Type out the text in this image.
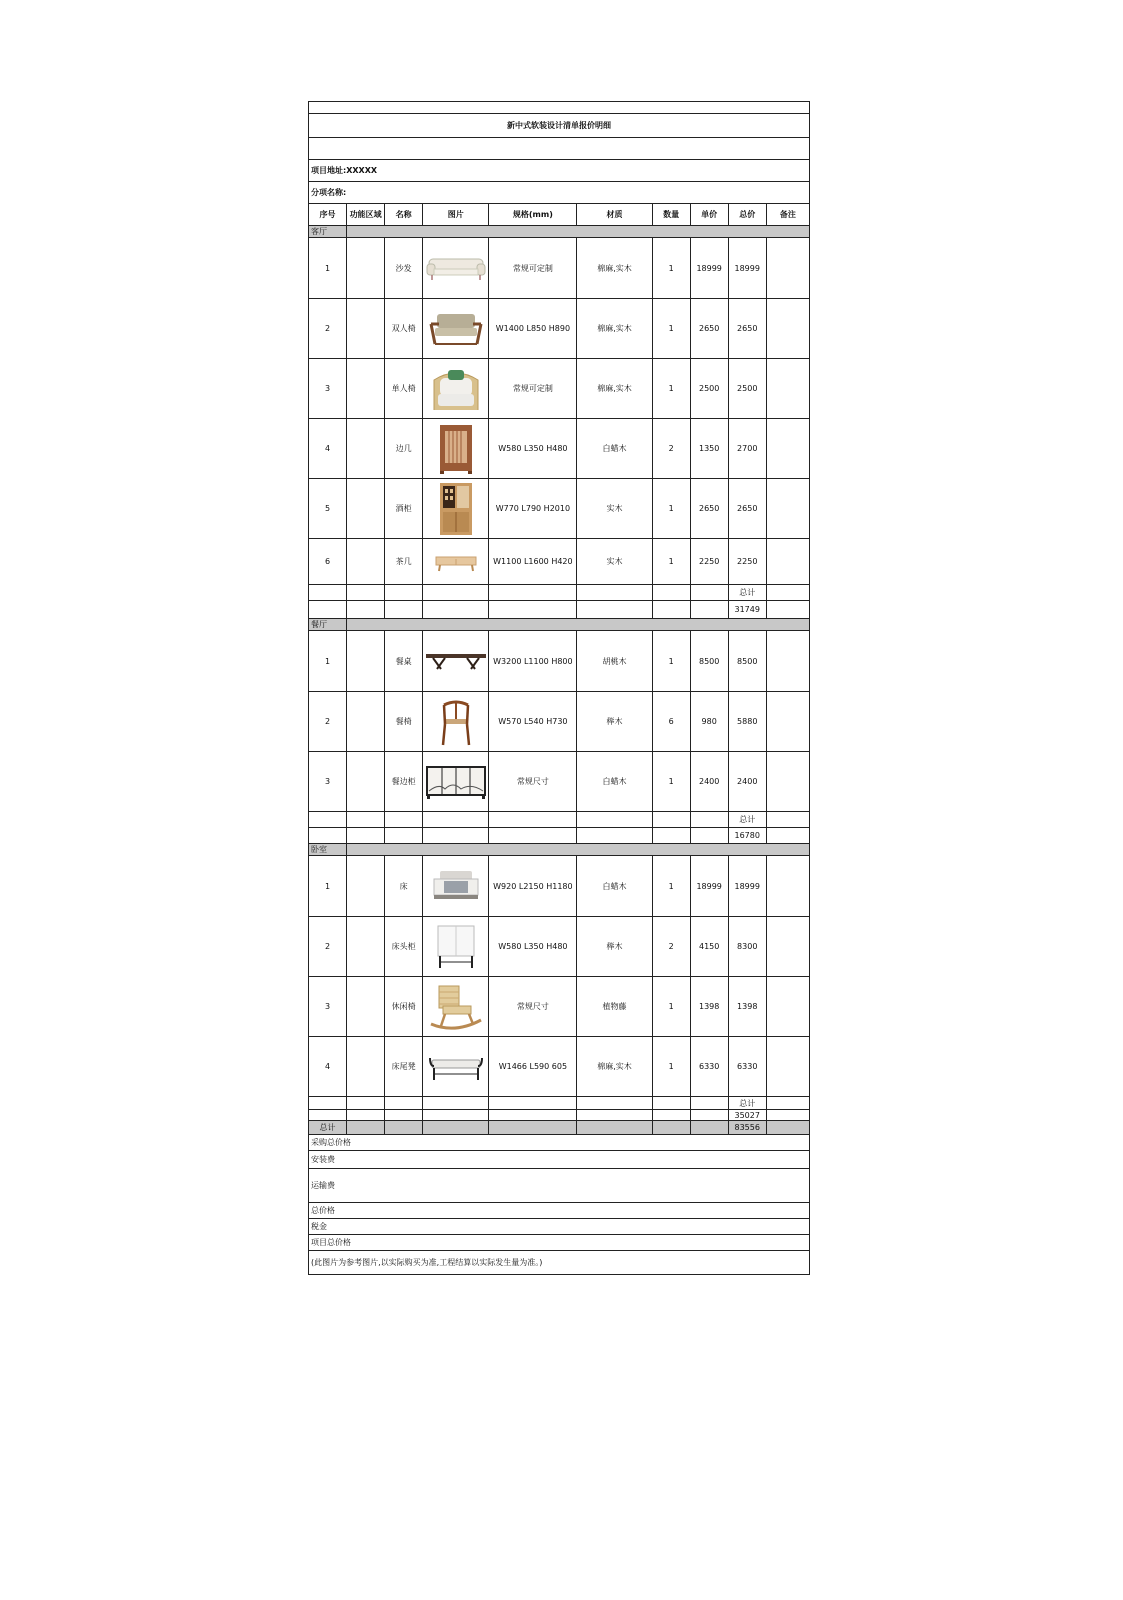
新中式软装设计清单报价明细									

项目地址:XXXXX									
分项名称:									
序号	功能区域	名称	图片	规格(mm)	材质	数量	单价	总价	备注
客厅									
1		沙发		常规可定制	棉麻,实木	1	18999	18999	
2		双人椅		W1400 L850 H890	棉麻,实木	1	2650	2650	
3		单人椅		常规可定制	棉麻,实木	1	2500	2500	
4		边几		W580 L350 H480	白蜡木	2	1350	2700	
5		酒柜		W770 L790 H2010	实木	1	2650	2650	
6		茶几		W1100 L1600 H420	实木	1	2250	2250	
								总计	
								31749	
餐厅									
1		餐桌		W3200 L1100 H800	胡桃木	1	8500	8500	
2		餐椅		W570 L540 H730	榉木	6	980	5880	
3		餐边柜		常规尺寸	白蜡木	1	2400	2400	
								总计	
								16780	
卧室									
1		床		W920 L2150 H1180	白蜡木	1	18999	18999	
2		床头柜		W580 L350 H480	榉木	2	4150	8300	
3		休闲椅		常规尺寸	植物藤	1	1398	1398	
4		床尾凳		W1466 L590 605	棉麻,实木	1	6330	6330	
								总计	
								35027	
总计								83556	
采购总价格									
安装费									
运输费									
总价格									
税金									
项目总价格									
(此图片为参考图片,以实际购买为准,工程结算以实际发生量为准。)									
